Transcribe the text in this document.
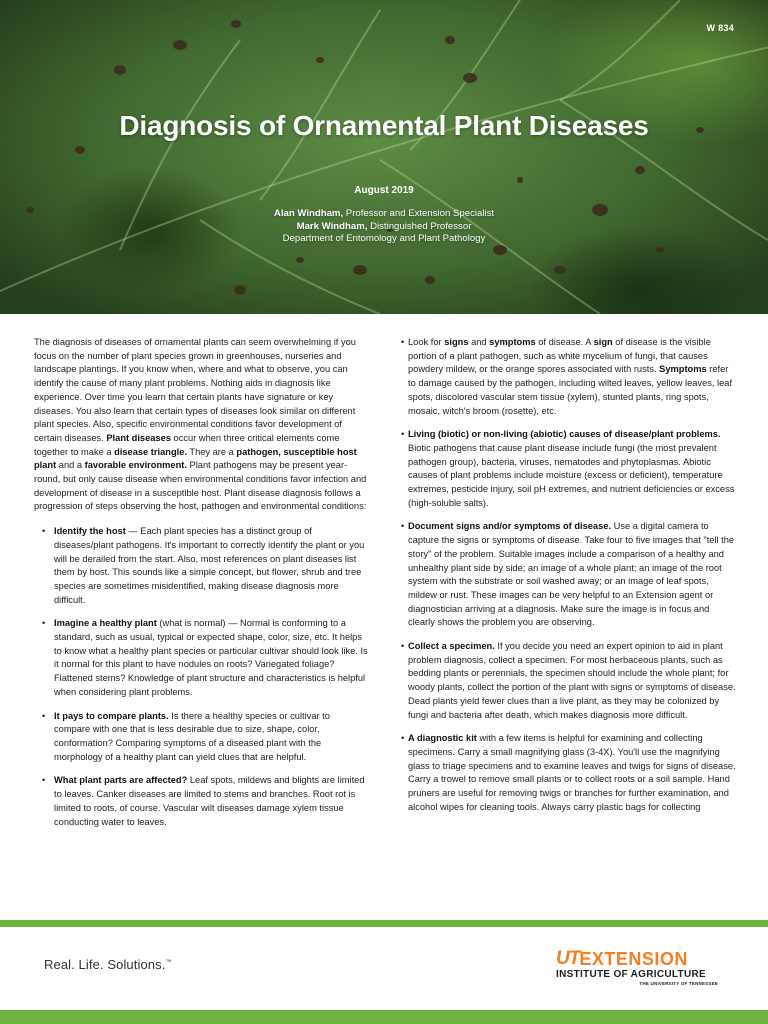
W 834
Diagnosis of Ornamental Plant Diseases
August 2019
Alan Windham, Professor and Extension Specialist
Mark Windham, Distinguished Professor
Department of Entomology and Plant Pathology

The diagnosis of diseases of ornamental plants can seem overwhelming if you focus on the number of plant species grown in greenhouses, nurseries and landscape plantings. If you know when, where and what to observe, you can identify the cause of many plant problems. Nothing aids in diagnosis like experience. Over time you learn that certain plants have signature or key diseases. You also learn that certain types of diseases look similar on different plant species. Also, specific environmental conditions favor development of certain diseases. Plant diseases occur when three critical elements come together to make a disease triangle. They are a pathogen, susceptible host plant and a favorable environment. Plant pathogens may be present year-round, but only cause disease when environmental conditions favor infection and development of disease in a susceptible host. Plant disease diagnosis follows a progression of steps observing the host, pathogen and environmental conditions:

• Identify the host — Each plant species has a distinct group of diseases/plant pathogens. It's important to correctly identify the plant or you will be derailed from the start. Also, most references on plant diseases list them by host. This sounds like a simple concept, but flower, shrub and tree species are sometimes misidentified, making disease diagnosis more difficult.
• Imagine a healthy plant (what is normal) — Normal is conforming to a standard, such as usual, typical or expected shape, color, size, etc. It helps to know what a healthy plant species or particular cultivar should look like. Is it normal for this plant to have nodules on roots? Variegated foliage? Flattened stems? Knowledge of plant structure and characteristics is helpful when considering plant problems.
• It pays to compare plants. Is there a healthy species or cultivar to compare with one that is less desirable due to size, shape, color, conformation? Comparing symptoms of a diseased plant with the morphology of a healthy plant can yield clues that are helpful.
• What plant parts are affected? Leaf spots, mildews and blights are limited to leaves. Canker diseases are limited to stems and branches. Root rot is limited to roots, of course. Vascular wilt diseases damage xylem tissue conducting water to leaves.
• Look for signs and symptoms of disease. A sign of disease is the visible portion of a plant pathogen, such as white mycelium of fungi, that causes powdery mildew, or the orange spores associated with rusts. Symptoms refer to damage caused by the pathogen, including wilted leaves, yellow leaves, leaf spots, discolored vascular stem tissue (xylem), stunted plants, ring spots, mosaic, witch's broom (rosette), etc.
• Living (biotic) or non-living (abiotic) causes of disease/plant problems. Biotic pathogens that cause plant disease include fungi (the most prevalent pathogen group), bacteria, viruses, nematodes and phytoplasmas. Abiotic causes of plant problems include moisture (excess or deficient), temperature extremes, pesticide injury, soil pH extremes, and nutrient deficiencies or excess (high-soluble salts).
• Document signs and/or symptoms of disease. Use a digital camera to capture the signs or symptoms of disease. Take four to five images that "tell the story" of the problem. Suitable images include a comparison of a healthy and unhealthy plant side by side; an image of a whole plant; an image of the root system with the substrate or soil washed away; or an image of leaf spots, mildew or rust. These images can be very helpful to an Extension agent or diagnostician arriving at a diagnosis. Make sure the image is in focus and clearly shows the problem you are observing.
• Collect a specimen. If you decide you need an expert opinion to aid in plant problem diagnosis, collect a specimen. For most herbaceous plants, such as bedding plants or perennials, the specimen should include the whole plant; for woody plants, collect the portion of the plant with signs or symptoms of disease. Dead plants yield fewer clues than a live plant, as they may be colonized by fungi and bacteria after death, which makes diagnosis more difficult.
• A diagnostic kit with a few items is helpful for examining and collecting specimens. Carry a small magnifying glass (3-4X). You'll use the magnifying glass to triage specimens and to examine leaves and twigs for signs of disease. Carry a trowel to remove small plants or to collect roots or a soil sample. Hand pruners are useful for removing twigs or branches for further examination, and alcohol wipes for cleaning tools. Always carry plastic bags for collecting
Real. Life. Solutions.™	UT EXTENSION
INSTITUTE OF AGRICULTURE
THE UNIVERSITY OF TENNESSEE
